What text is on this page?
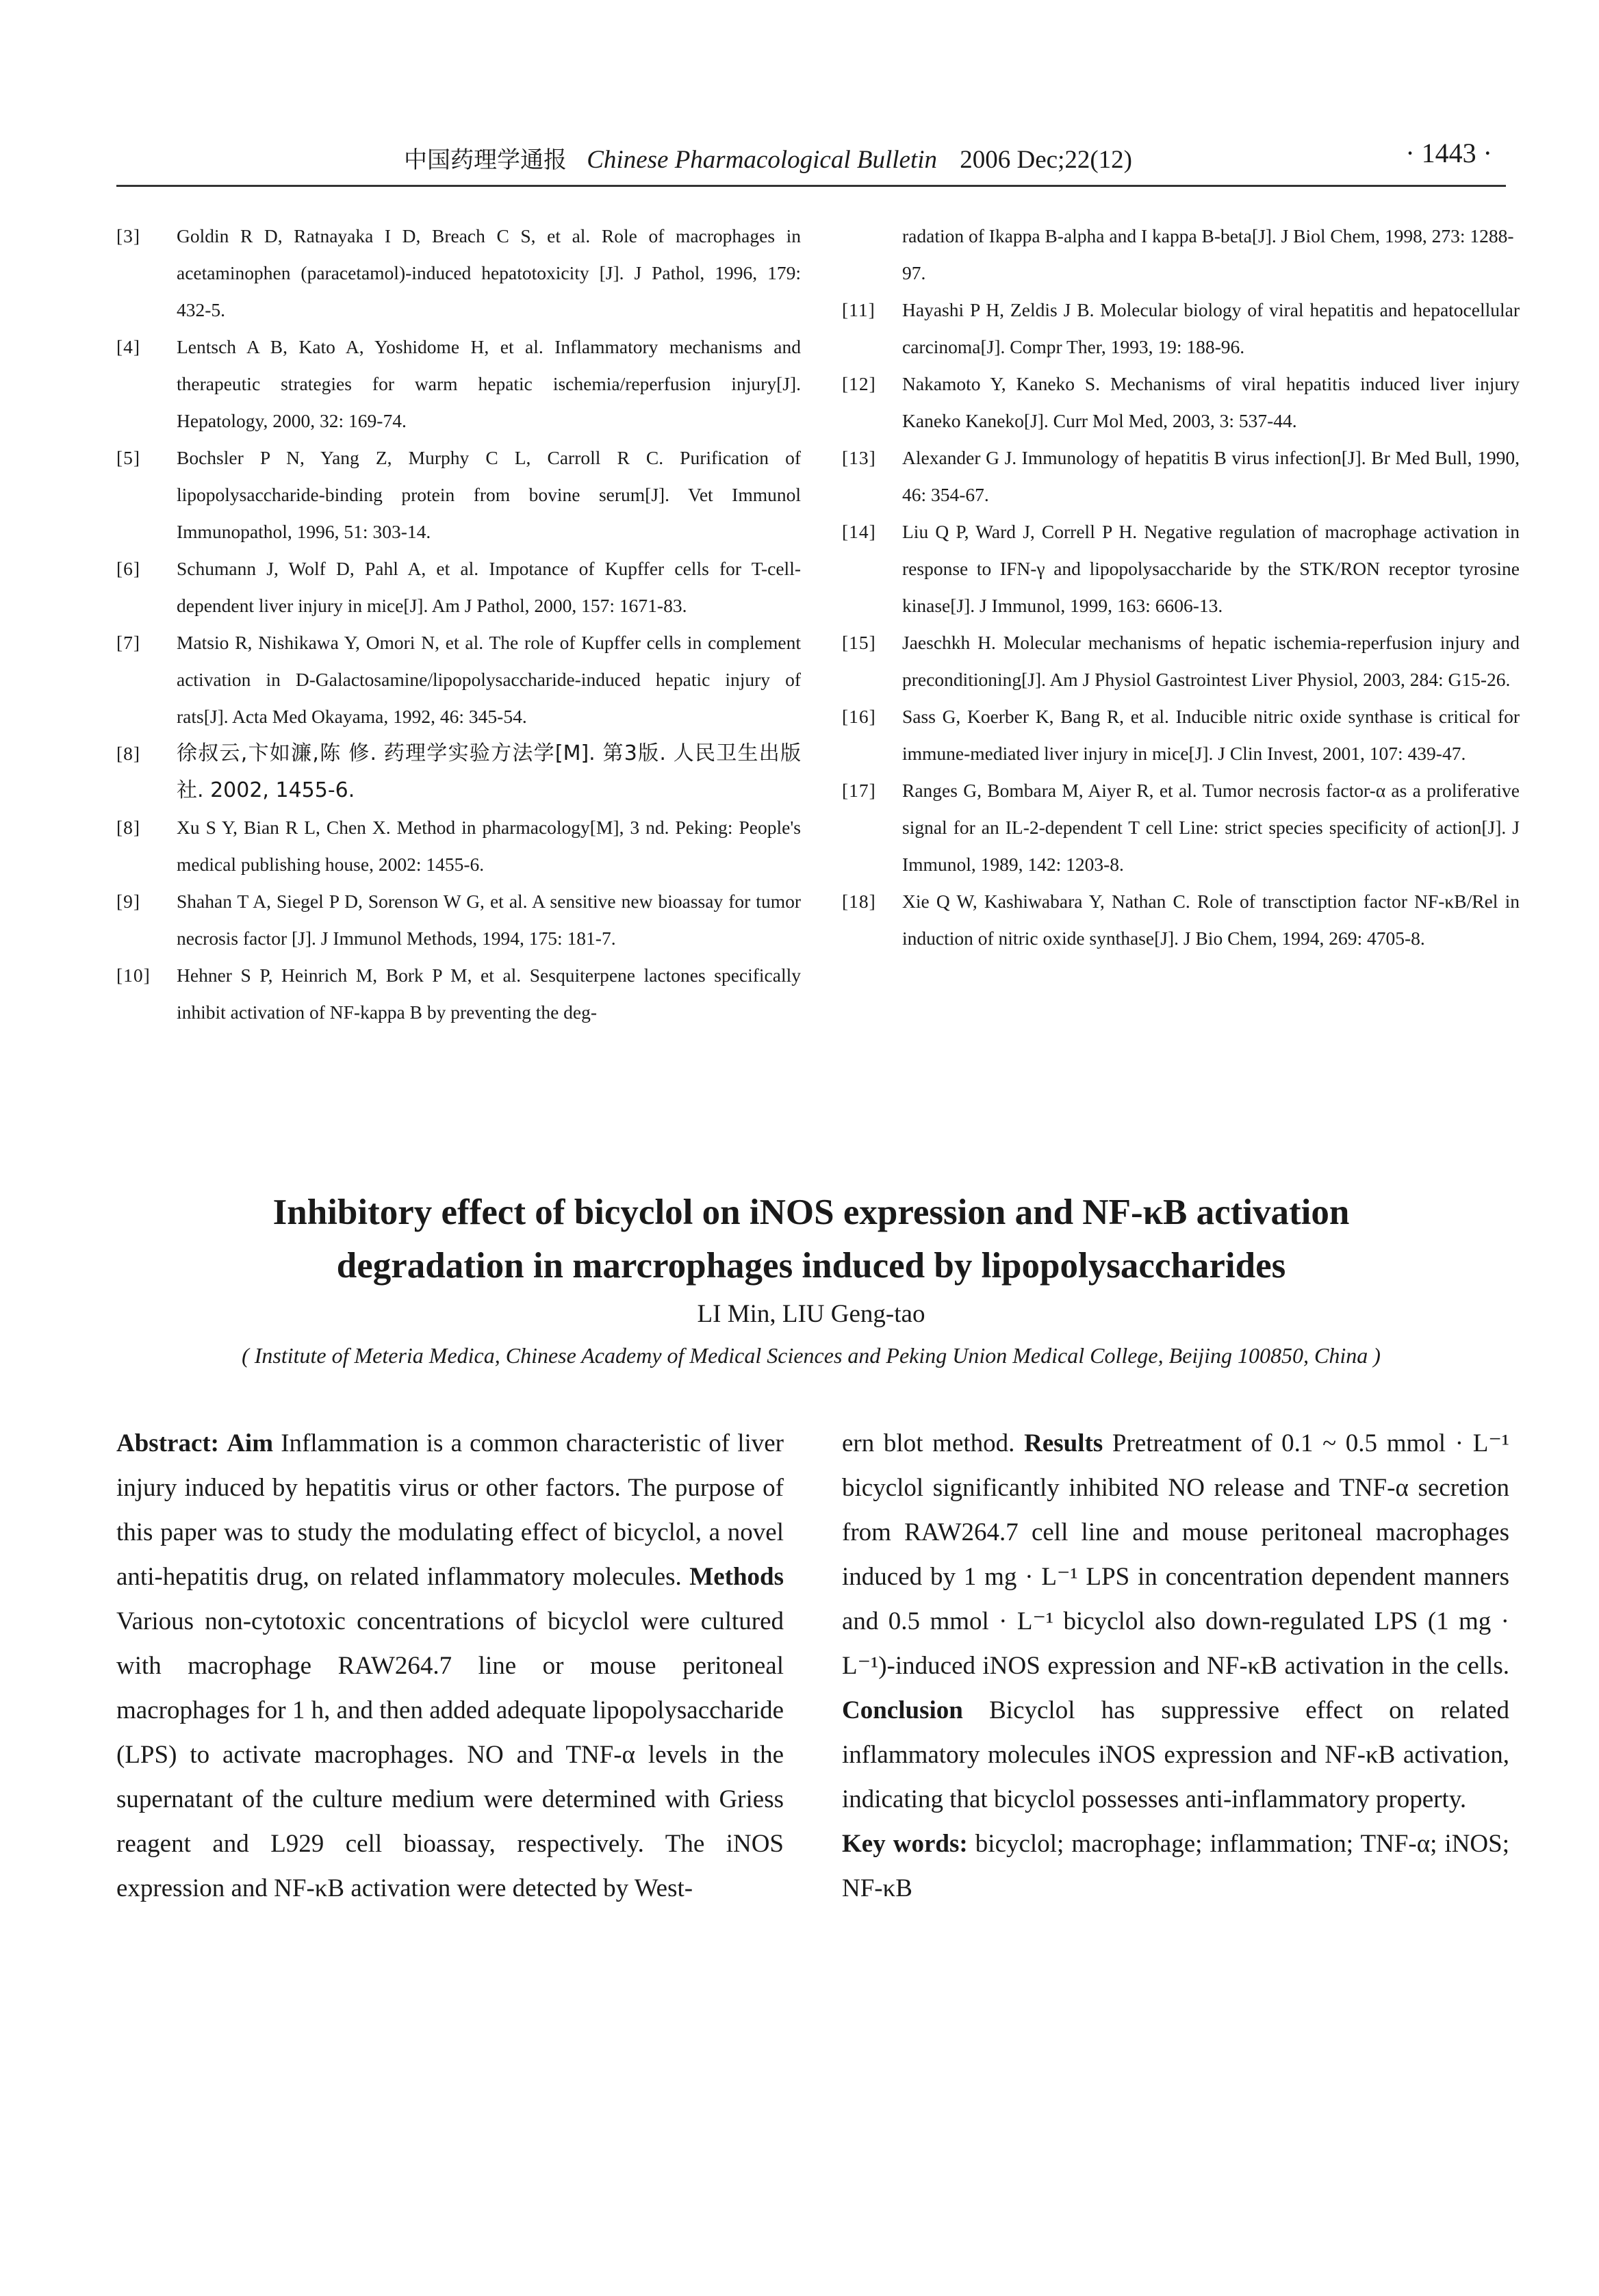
中国药理学通报 Chinese Pharmacological Bulletin 2006 Dec;22(12)	· 1443 ·
[3]	Goldin R D, Ratnayaka I D, Breach C S, et al. Role of macrophages in acetaminophen (paracetamol)-induced hepatotoxicity [J]. J Pathol, 1996, 179: 432-5.
[4]	Lentsch A B, Kato A, Yoshidome H, et al. Inflammatory mechanisms and therapeutic strategies for warm hepatic ischemia/reperfusion injury[J]. Hepatology, 2000, 32: 169-74.
[5]	Bochsler P N, Yang Z, Murphy C L, Carroll R C. Purification of lipopolysaccharide-binding protein from bovine serum[J]. Vet Immunol Immunopathol, 1996, 51: 303-14.
[6]	Schumann J, Wolf D, Pahl A, et al. Impotance of Kupffer cells for T-cell-dependent liver injury in mice[J]. Am J Pathol, 2000, 157: 1671-83.
[7]	Matsio R, Nishikawa Y, Omori N, et al. The role of Kupffer cells in complement activation in D-Galactosamine/lipopolysaccharide-induced hepatic injury of rats[J]. Acta Med Okayama, 1992, 46: 345-54.
[8]	徐叔云,卞如濂,陈 修. 药理学实验方法学[M]. 第3版. 人民卫生出版社. 2002, 1455-6.
[8]	Xu S Y, Bian R L, Chen X. Method in pharmacology[M], 3 nd. Peking: People's medical publishing house, 2002: 1455-6.
[9]	Shahan T A, Siegel P D, Sorenson W G, et al. A sensitive new bioassay for tumor necrosis factor [J]. J Immunol Methods, 1994, 175: 181-7.
[10]	Hehner S P, Heinrich M, Bork P M, et al. Sesquiterpene lactones specifically inhibit activation of NF-kappa B by preventing the deg-
radation of Ikappa B-alpha and I kappa B-beta[J]. J Biol Chem, 1998, 273: 1288-97.
[11]	Hayashi P H, Zeldis J B. Molecular biology of viral hepatitis and hepatocellular carcinoma[J]. Compr Ther, 1993, 19: 188-96.
[12]	Nakamoto Y, Kaneko S. Mechanisms of viral hepatitis induced liver injury Kaneko Kaneko[J]. Curr Mol Med, 2003, 3: 537-44.
[13]	Alexander G J. Immunology of hepatitis B virus infection[J]. Br Med Bull, 1990, 46: 354-67.
[14]	Liu Q P, Ward J, Correll P H. Negative regulation of macrophage activation in response to IFN-γ and lipopolysaccharide by the STK/RON receptor tyrosine kinase[J]. J Immunol, 1999, 163: 6606-13.
[15]	Jaeschkh H. Molecular mechanisms of hepatic ischemia-reperfusion injury and preconditioning[J]. Am J Physiol Gastrointest Liver Physiol, 2003, 284: G15-26.
[16]	Sass G, Koerber K, Bang R, et al. Inducible nitric oxide synthase is critical for immune-mediated liver injury in mice[J]. J Clin Invest, 2001, 107: 439-47.
[17]	Ranges G, Bombara M, Aiyer R, et al. Tumor necrosis factor-α as a proliferative signal for an IL-2-dependent T cell Line: strict species specificity of action[J]. J Immunol, 1989, 142: 1203-8.
[18]	Xie Q W, Kashiwabara Y, Nathan C. Role of transctiption factor NF-κB/Rel in induction of nitric oxide synthase[J]. J Bio Chem, 1994, 269: 4705-8.
Inhibitory effect of bicyclol on iNOS expression and NF-κB activation
degradation in marcrophages induced by lipopolysaccharides
LI Min, LIU Geng-tao
( Institute of Meteria Medica, Chinese Academy of Medical Sciences and Peking Union Medical College, Beijing 100850, China )

Abstract: Aim Inflammation is a common characteristic of liver injury induced by hepatitis virus or other factors. The purpose of this paper was to study the modulating effect of bicyclol, a novel anti-hepatitis drug, on related inflammatory molecules. Methods Various non-cytotoxic concentrations of bicyclol were cultured with macrophage RAW264.7 line or mouse peritoneal macrophages for 1 h, and then added adequate lipopolysaccharide (LPS) to activate macrophages. NO and TNF-α levels in the supernatant of the culture medium were determined with Griess reagent and L929 cell bioassay, respectively. The iNOS expression and NF-κB activation were detected by West-

ern blot method. Results Pretreatment of 0.1 ~ 0.5 mmol · L⁻¹ bicyclol significantly inhibited NO release and TNF-α secretion from RAW264.7 cell line and mouse peritoneal macrophages induced by 1 mg · L⁻¹ LPS in concentration dependent manners and 0.5 mmol · L⁻¹ bicyclol also down-regulated LPS (1 mg · L⁻¹)-induced iNOS expression and NF-κB activation in the cells. Conclusion Bicyclol has suppressive effect on related inflammatory molecules iNOS expression and NF-κB activation, indicating that bicyclol possesses anti-inflammatory property.

Key words: bicyclol; macrophage; inflammation; TNF-α; iNOS; NF-κB
